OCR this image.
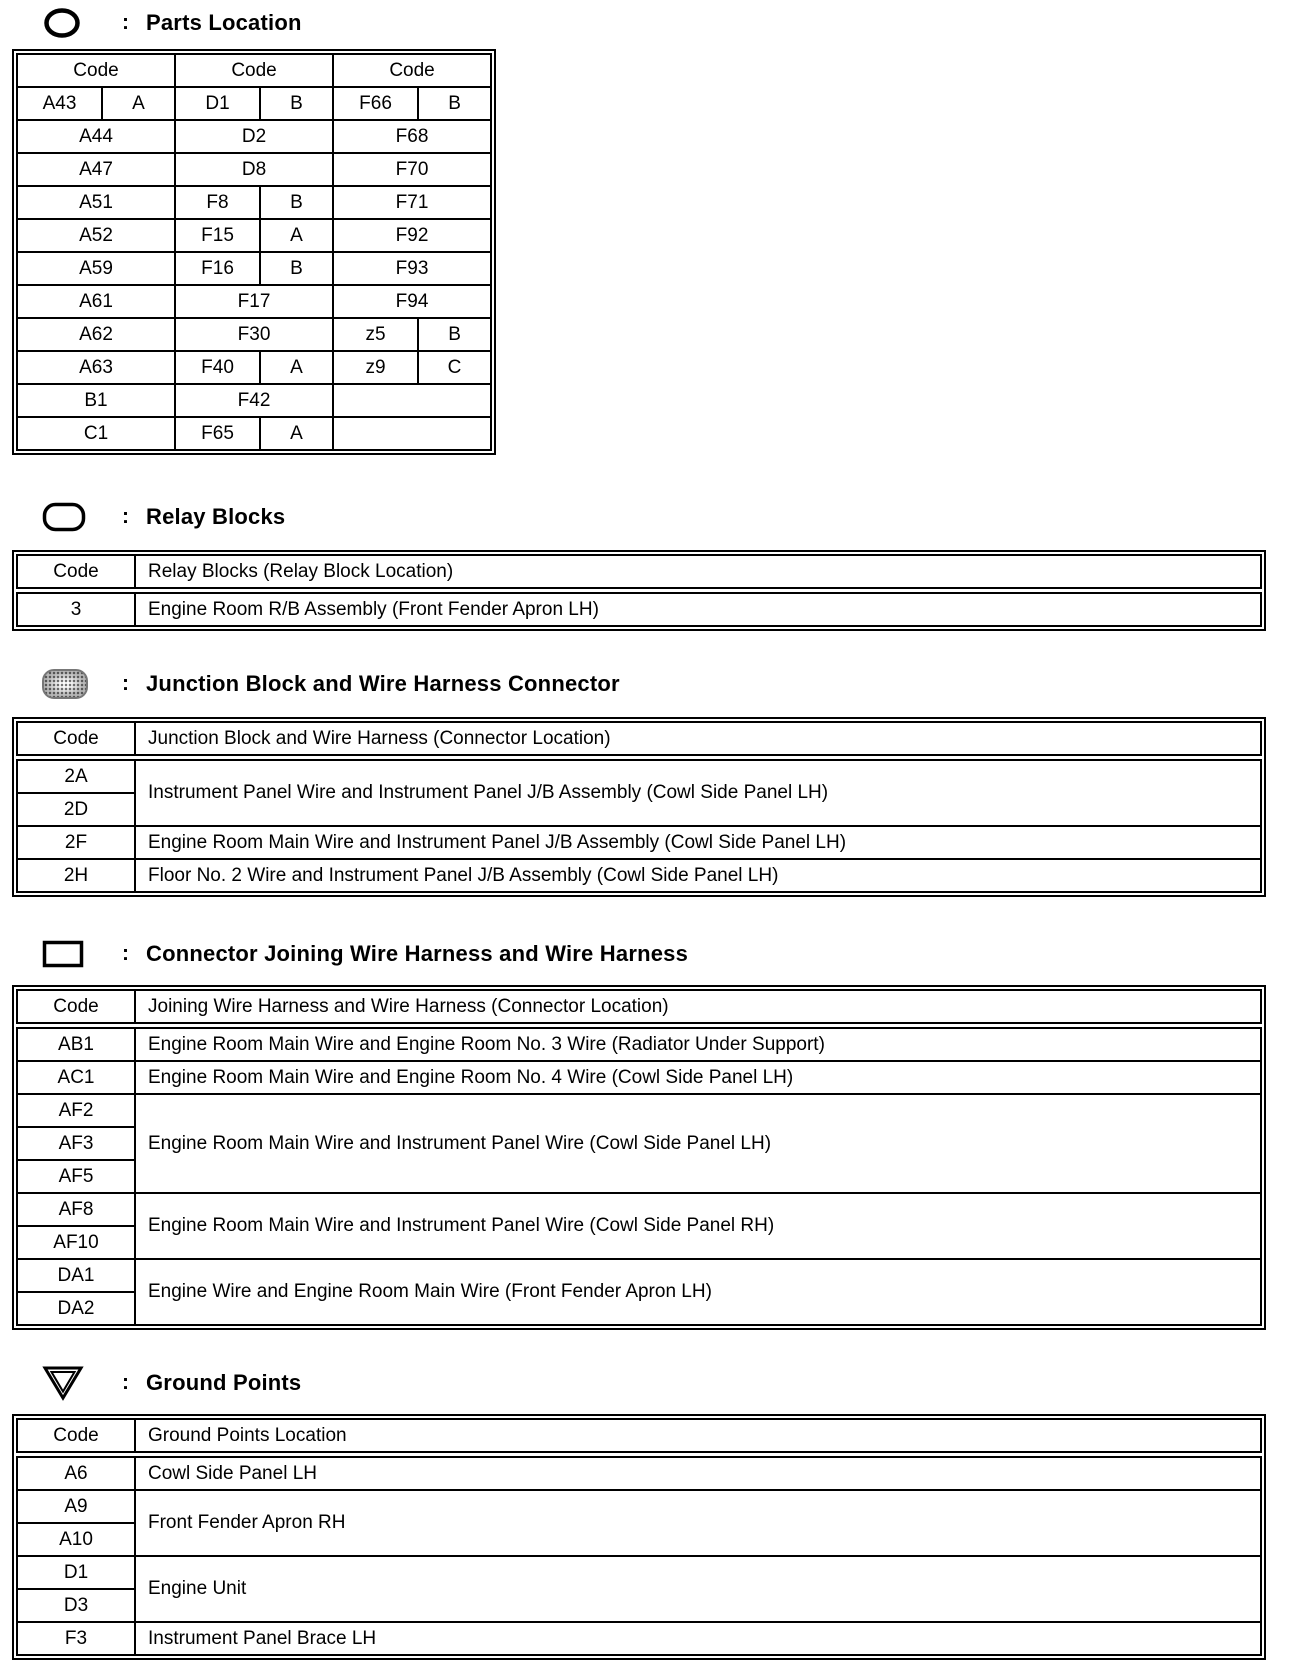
: Parts Location
Code		Code		Code	
A43	A	D1	B	F66	B
A44		D2		F68	
A47		D8		F70	
A51		F8	B	F71	
A52		F15	A	F92	
A59		F16	B	F93	
A61		F17		F94	
A62		F30		z5	B
A63		F40	A	z9	C
B1		F42			
C1		F65	A		
: Relay Blocks
Code	Relay Blocks (Relay Block Location)
3	Engine Room R/B Assembly (Front Fender Apron LH)
: Junction Block and Wire Harness Connector
Code	Junction Block and Wire Harness (Connector Location)
2A	Instrument Panel Wire and Instrument Panel J/B Assembly (Cowl Side Panel LH)
2D	
2F	Engine Room Main Wire and Instrument Panel J/B Assembly (Cowl Side Panel LH)
2H	Floor No. 2 Wire and Instrument Panel J/B Assembly (Cowl Side Panel LH)
: Connector Joining Wire Harness and Wire Harness
Code	Joining Wire Harness and Wire Harness (Connector Location)
AB1	Engine Room Main Wire and Engine Room No. 3 Wire (Radiator Under Support)
AC1	Engine Room Main Wire and Engine Room No. 4 Wire (Cowl Side Panel LH)
AF2	Engine Room Main Wire and Instrument Panel Wire (Cowl Side Panel LH)
AF3	
AF5	
AF8	Engine Room Main Wire and Instrument Panel Wire (Cowl Side Panel RH)
AF10	
DA1	Engine Wire and Engine Room Main Wire (Front Fender Apron LH)
DA2	
: Ground Points
Code	Ground Points Location
A6	Cowl Side Panel LH
A9	Front Fender Apron RH
A10	
D1	Engine Unit
D3	
F3	Instrument Panel Brace LH
